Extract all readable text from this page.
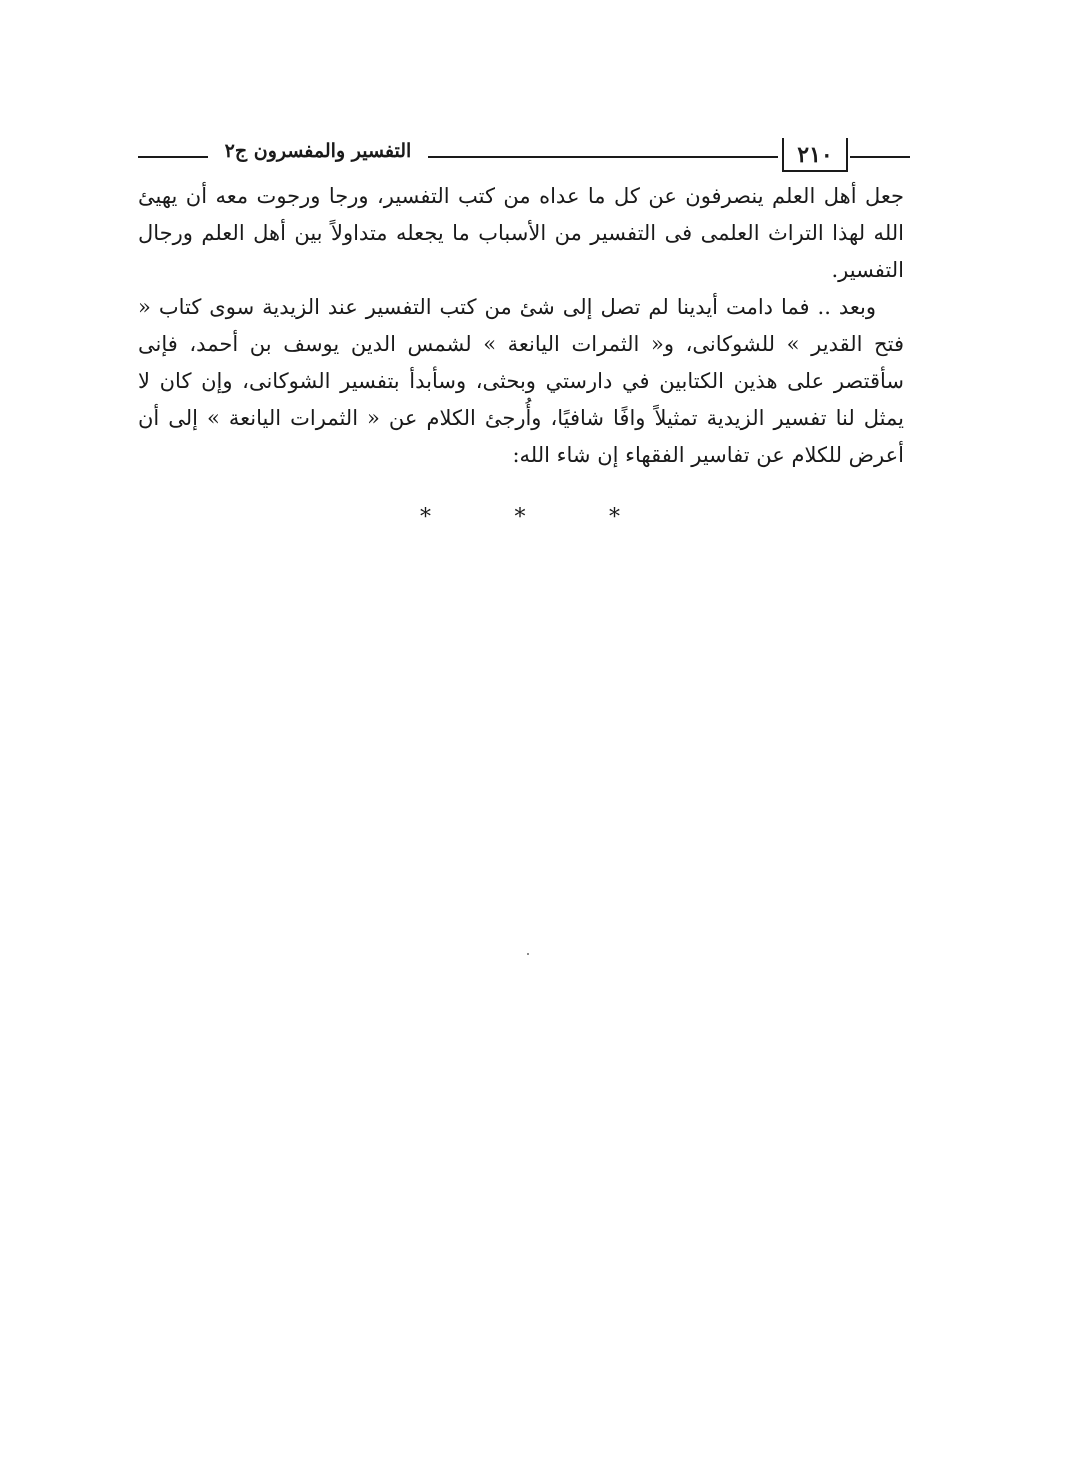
التفسير والمفسرون ج٢	٢١٠

جعل أهل العلم ينصرفون عن كل ما عداه من كتب التفسير، ورجا ورجوت معه أن يهيئ الله لهذا التراث العلمى فى التفسير من الأسباب ما يجعله متداولاً بين أهل العلم ورجال التفسير.

وبعد .. فما دامت أيدينا لم تصل إلى شئ من كتب التفسير عند الزيدية سوى كتاب « فتح القدير » للشوكانى، و« الثمرات اليانعة » لشمس الدين يوسف بن أحمد، فإنى سأقتصر على هذين الكتابين في دارستي وبحثى، وسأبدأ بتفسير الشوكانى، وإن كان لا يمثل لنا تفسير الزيدية تمثيلاً وافًا شافيًا، وأُرجئ الكلام عن « الثمرات اليانعة » إلى أن أعرض للكلام عن تفاسير الفقهاء إن شاء الله:

*	*	*
